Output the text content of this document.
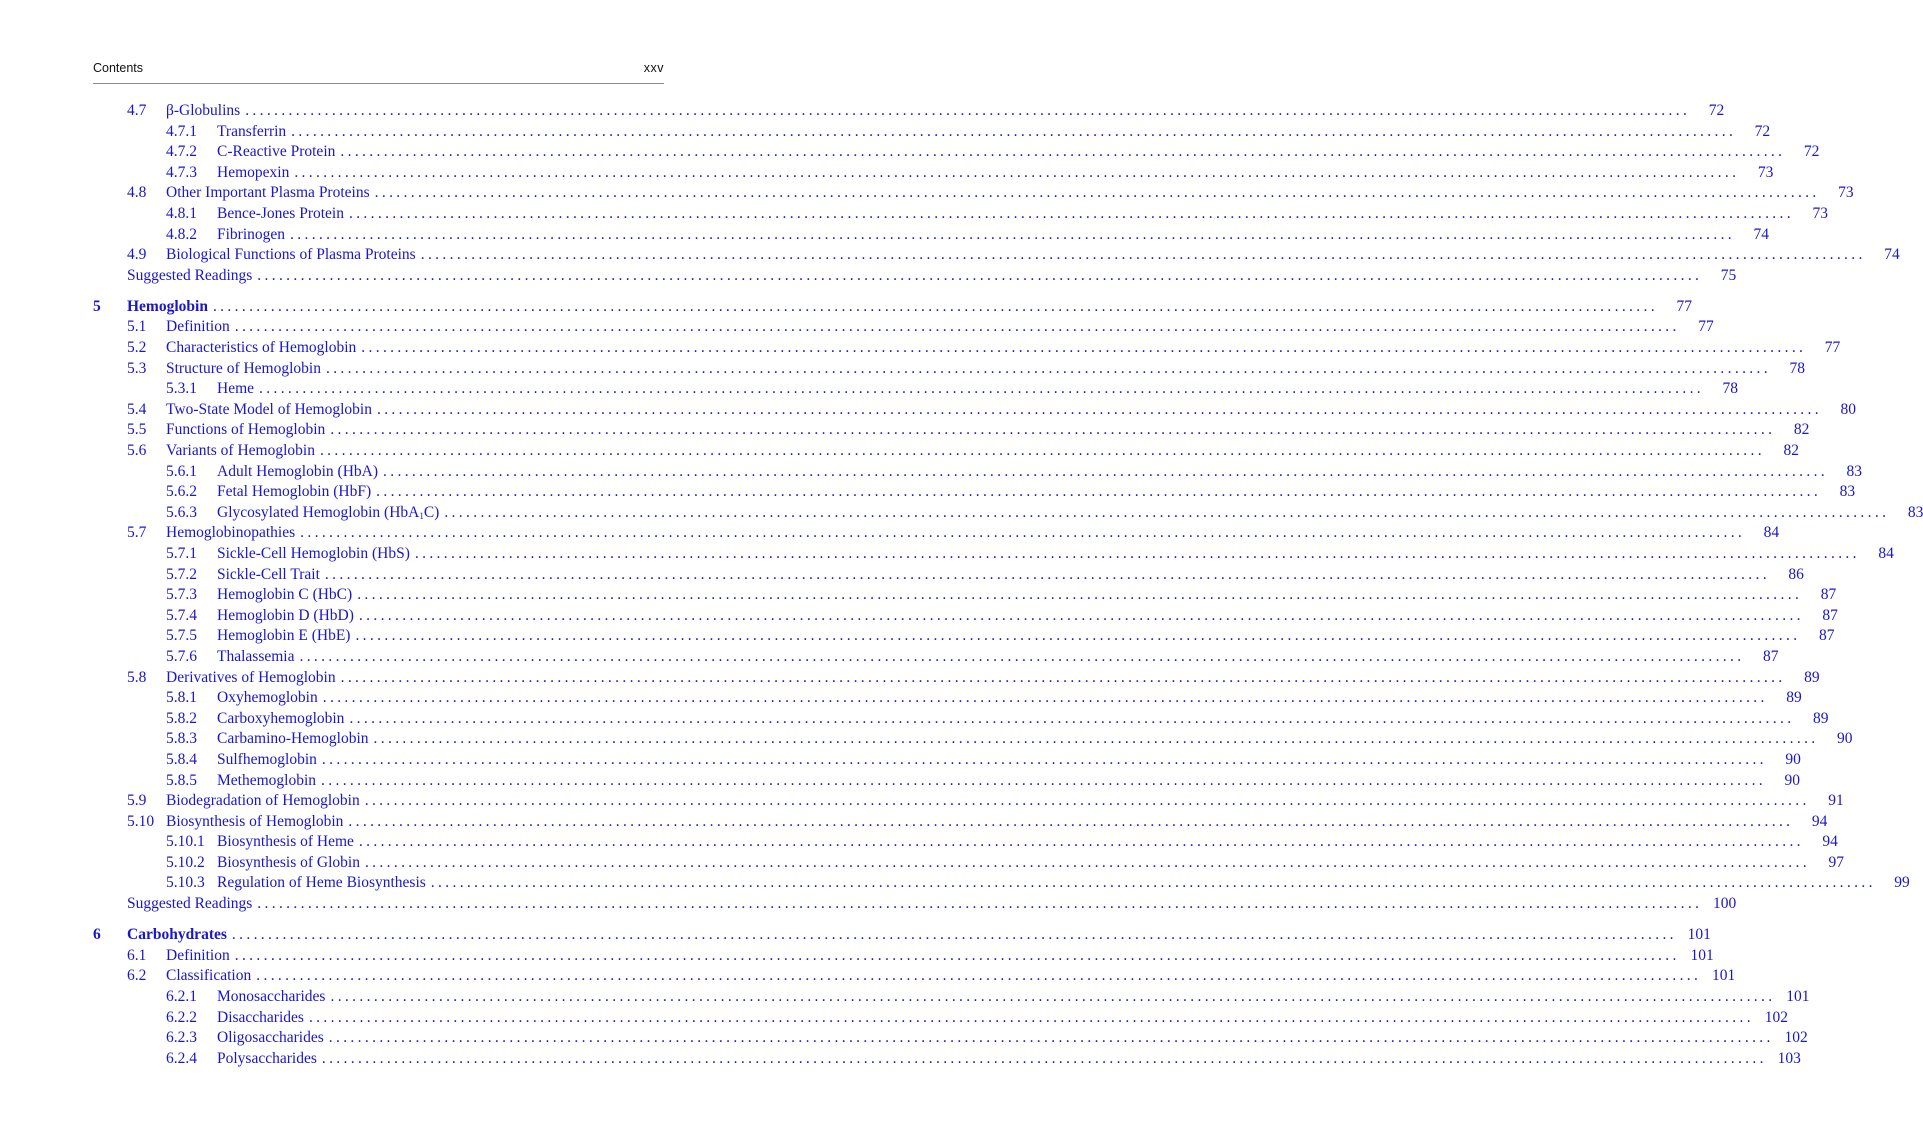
Contents	xxv
4.7 β-Globulins ........................................................................................................................................................................................................	72
4.7.1 Transferrin ........................................................................................................................................................................................................	72
4.7.2 C-Reactive Protein ........................................................................................................................................................................................................	72
4.7.3 Hemopexin ........................................................................................................................................................................................................	73
4.8 Other Important Plasma Proteins ........................................................................................................................................................................................................	73
4.8.1 Bence-Jones Protein ........................................................................................................................................................................................................	73
4.8.2 Fibrinogen ........................................................................................................................................................................................................	74
4.9 Biological Functions of Plasma Proteins ........................................................................................................................................................................................................	74
Suggested Readings ........................................................................................................................................................................................................	75
5 Hemoglobin ........................................................................................................................................................................................................	77
5.1 Definition ........................................................................................................................................................................................................	77
5.2 Characteristics of Hemoglobin ........................................................................................................................................................................................................	77
5.3 Structure of Hemoglobin ........................................................................................................................................................................................................	78
5.3.1 Heme ........................................................................................................................................................................................................	78
5.4 Two-State Model of Hemoglobin ........................................................................................................................................................................................................	80
5.5 Functions of Hemoglobin ........................................................................................................................................................................................................	82
5.6 Variants of Hemoglobin ........................................................................................................................................................................................................	82
5.6.1 Adult Hemoglobin (HbA) ........................................................................................................................................................................................................	83
5.6.2 Fetal Hemoglobin (HbF) ........................................................................................................................................................................................................	83
5.6.3 Glycosylated Hemoglobin (HbA$_1$C) ........................................................................................................................................................................................................	83
5.7 Hemoglobinopathies ........................................................................................................................................................................................................	84
5.7.1 Sickle-Cell Hemoglobin (HbS) ........................................................................................................................................................................................................	84
5.7.2 Sickle-Cell Trait ........................................................................................................................................................................................................	86
5.7.3 Hemoglobin C (HbC) ........................................................................................................................................................................................................	87
5.7.4 Hemoglobin D (HbD) ........................................................................................................................................................................................................	87
5.7.5 Hemoglobin E (HbE) ........................................................................................................................................................................................................	87
5.7.6 Thalassemia ........................................................................................................................................................................................................	87
5.8 Derivatives of Hemoglobin ........................................................................................................................................................................................................	89
5.8.1 Oxyhemoglobin ........................................................................................................................................................................................................	89
5.8.2 Carboxyhemoglobin ........................................................................................................................................................................................................	89
5.8.3 Carbamino-Hemoglobin ........................................................................................................................................................................................................	90
5.8.4 Sulfhemoglobin ........................................................................................................................................................................................................	90
5.8.5 Methemoglobin ........................................................................................................................................................................................................	90
5.9 Biodegradation of Hemoglobin ........................................................................................................................................................................................................	91
5.10 Biosynthesis of Hemoglobin ........................................................................................................................................................................................................	94
5.10.1 Biosynthesis of Heme ........................................................................................................................................................................................................	94
5.10.2 Biosynthesis of Globin ........................................................................................................................................................................................................	97
5.10.3 Regulation of Heme Biosynthesis ........................................................................................................................................................................................................	99
Suggested Readings ........................................................................................................................................................................................................ 100
6 Carbohydrates ........................................................................................................................................................................................................ 101
6.1 Definition ........................................................................................................................................................................................................ 101
6.2 Classification ........................................................................................................................................................................................................ 101
6.2.1 Monosaccharides ........................................................................................................................................................................................................ 101
6.2.2 Disaccharides ........................................................................................................................................................................................................ 102
6.2.3 Oligosaccharides ........................................................................................................................................................................................................ 102
6.2.4 Polysaccharides ........................................................................................................................................................................................................ 103
